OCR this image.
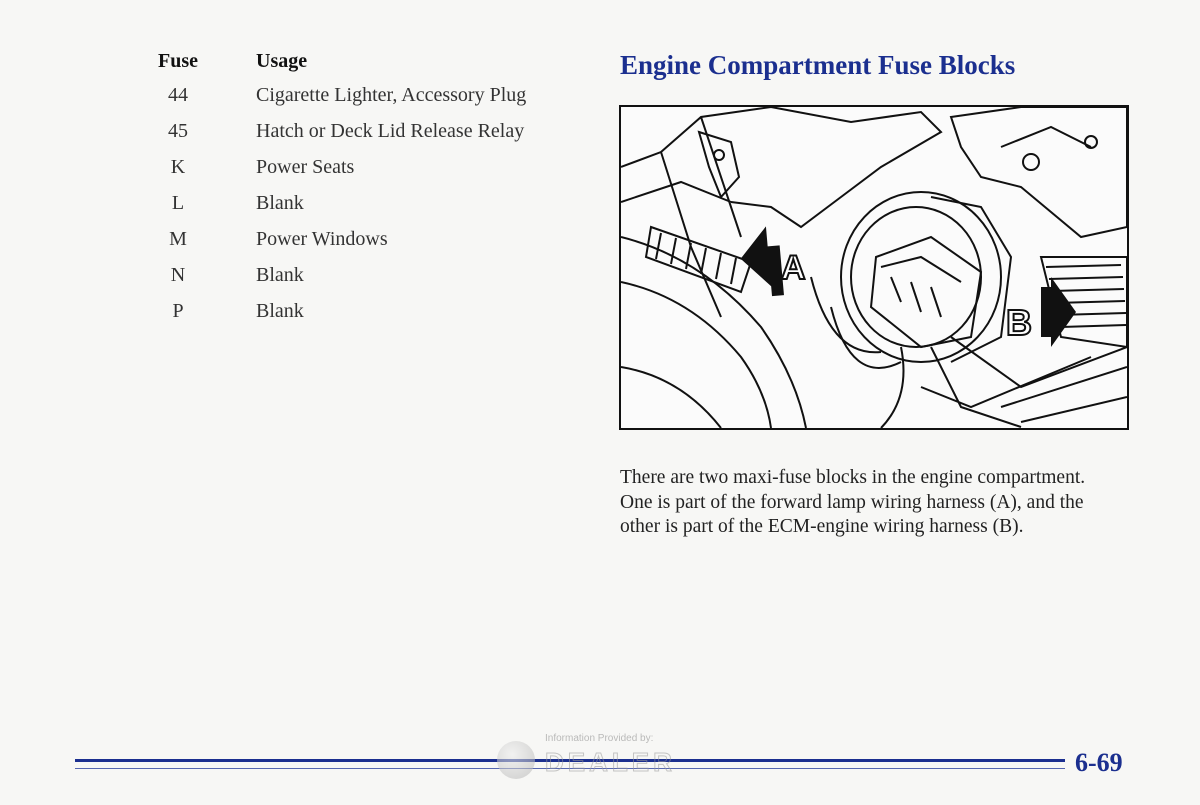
Fuse	Usage
44	Cigarette Lighter, Accessory Plug
45	Hatch or Deck Lid Release Relay
K	Power Seats
L	Blank
M	Power Windows
N	Blank
P	Blank
Engine Compartment Fuse Blocks
A
B

There are two maxi-fuse blocks in the engine compartment. One is part of the forward lamp wiring harness (A), and the other is part of the ECM-engine wiring harness (B).

Information Provided by:
DEALER	6-69
